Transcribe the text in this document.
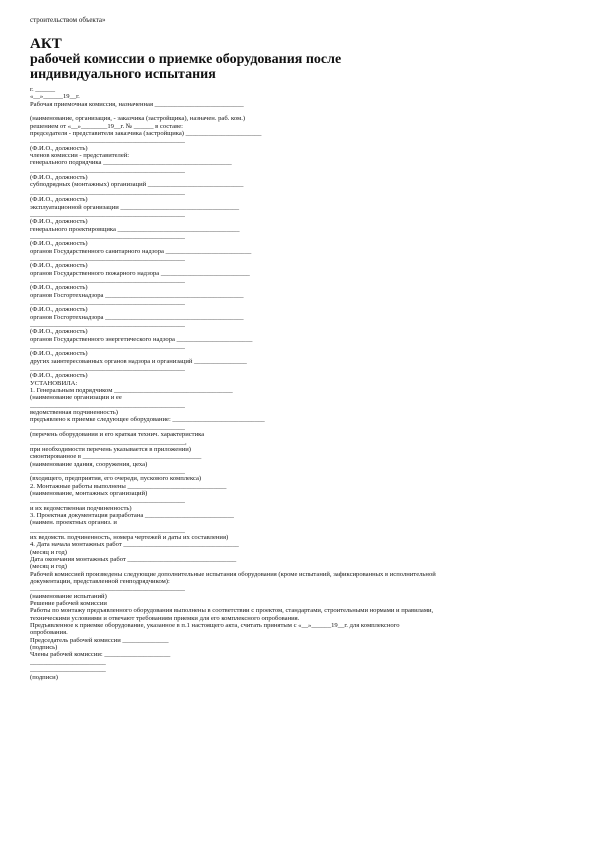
строительством объекта»
АКТ
рабочей комиссии о приемке оборудования после
индивидуального испытания
г. ______
«__»______19__г.
Рабочая приемочная комиссия, назначенная ___________________________

(наименование, организация, - заказчика (застройщика), назначен. раб. ком.)
решением от «__»________19__г. № ______ в составе:
председателя - представителя заказчика (застройщика) _______________________
_______________________________________________
(Ф.И.О., должность)
членов комиссии - представителей:
генерального подрядчика _______________________________________
_______________________________________________
(Ф.И.О., должность)
субподрядных (монтажных) организаций _____________________________
_______________________________________________
(Ф.И.О., должность)
эксплуатационной организации ____________________________________
_______________________________________________
(Ф.И.О., должность)
генерального проектировщика _____________________________________
_______________________________________________
(Ф.И.О., должность)
органов Государственного санитарного надзора __________________________
_______________________________________________
(Ф.И.О., должность)
органов Государственного пожарного надзора ___________________________
_______________________________________________
(Ф.И.О., должность)
органов Госгортехнадзора __________________________________________
_______________________________________________
(Ф.И.О., должность)
органов Госгортехнадзора __________________________________________
_______________________________________________
(Ф.И.О., должность)
органов Государственного энергетического надзора _______________________
_______________________________________________
(Ф.И.О., должность)
других заинтересованных органов надзора и организаций ________________
_______________________________________________
(Ф.И.О., должность)
УСТАНОВИЛА:
1. Генеральным подрядчиком ____________________________________
(наименование организации и ее
_______________________________________________
ведомственная подчиненность)
предъявлено к приемке следующее оборудование: ____________________________
_______________________________________________
(перечень оборудования и его краткая технич. характеристика
_______________________________________________,
при необходимости перечень указывается в приложении)
смонтированное в ____________________________________
(наименование здания, сооружения, цеха)
_______________________________________________
(входящего, предприятия, его очереди, пускового комплекса)
2. Монтажные работы выполнены ______________________________
(наименование, монтажных организаций)
_______________________________________________
и их ведомственная подчиненность)
3. Проектная документация разработана ___________________________
(наимен. проектных организ. и
_______________________________________________
их ведомств. подчиненность, номера чертежей и даты их составления)
4. Дата начала монтажных работ ___________________________________
(месяц и год)
Дата окончания монтажных работ _________________________________
(месяц и год)
Рабочей комиссией произведены следующие дополнительные испытания оборудования (кроме испытаний, зафиксированных в исполнительной
документации, представленной генподрядчиком):
_______________________________________________
(наименование испытаний)
Решение рабочей комиссии
Работы по монтажу предъявленного оборудования выполнены в соответствии с проектом, стандартами, строительными нормами и правилами,
техническими условиями и отвечают требованиям приемки для его комплексного опробования.
Предъявленное к приемке оборудование, указанное в п.1 настоящего акта, считать принятым с «__»______19__г. для комплексного
опробования.
Председатель рабочей комиссии ______________
(подпись)
Члены рабочей комиссии: ____________________
_______________________
_______________________
(подписи)
